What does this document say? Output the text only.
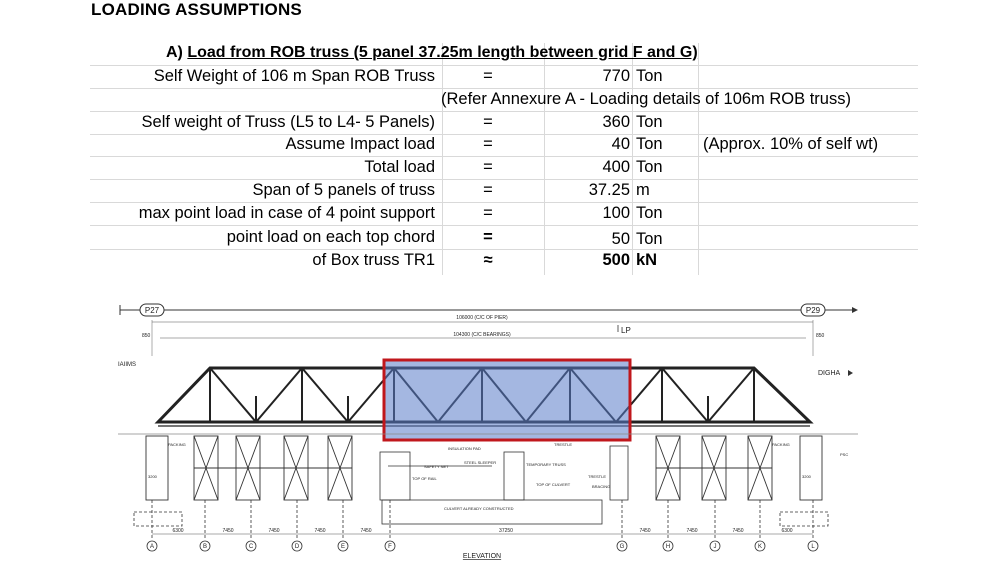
LOADING ASSUMPTIONS
A) Load from ROB truss (5 panel 37.25m length between grid F and G)
Self Weight of 106 m Span ROB Truss	=	770 Ton
(Refer Annexure A - Loading details of 106m ROB truss)
Self weight of Truss (L5 to L4- 5 Panels)	=	360 Ton
Assume Impact load	=	40 Ton (Approx. 10% of self wt)
Total load	=	400 Ton
Span of 5 panels of truss	=	37.25 m
max point load in case of 4 point support	=	100 Ton
point load on each top chord	=	50 Ton
of Box truss TR1	≈	500 kN
P27	P29
106000 (C/C OF PIER)
104300 (C/C BEARINGS)
850	850
LP
IAIIMS
DIGHA
PACKING	PACKING
INSULATION PAD
SAFETY NET
TOP OF RAIL
STEEL SLEEPER
TRESTLE
TEMPORARY TRUSS
TRESTLE
BRACING
TOP OF CULVERT
CULVERT ALREADY CONSTRUCTED
PSC
3200	3200
6300	7450	7450	7450	7450	37250	7450	7450	7450	6300
A	B	C	D	E	F	G	H	J	K	L
ELEVATION
